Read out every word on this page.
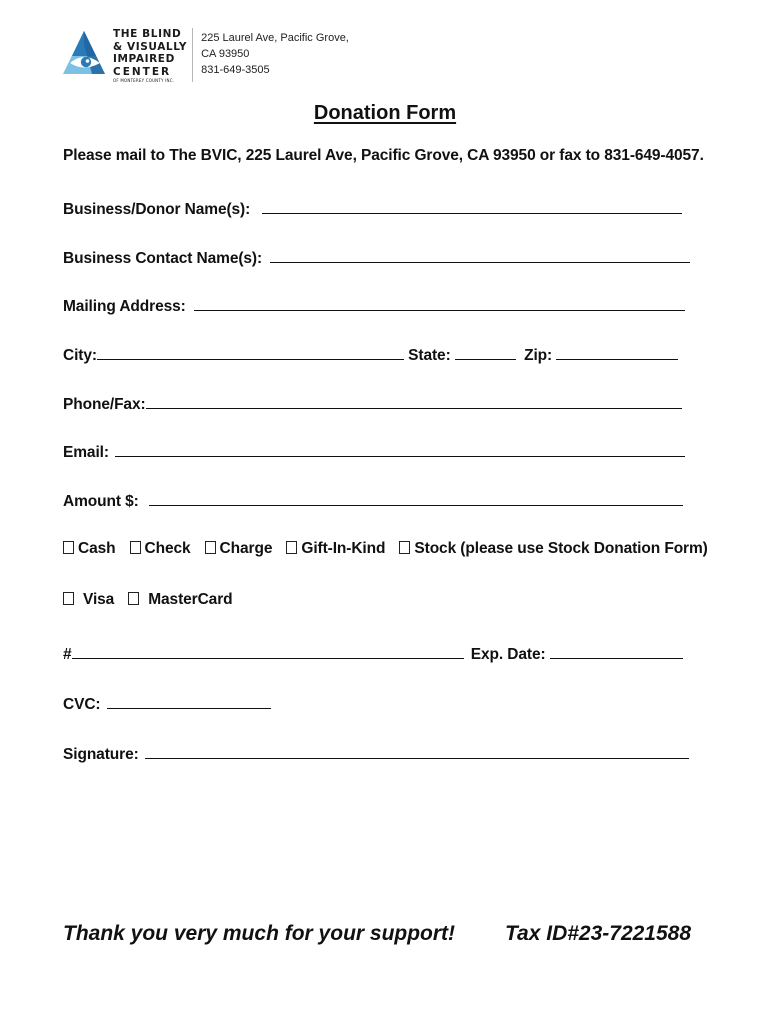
THE BLIND
& VISUALLY
IMPAIRED
CENTER
OF MONTEREY COUNTY INC.
225 Laurel Ave, Pacific Grove,
CA 93950
831-649-3505
Donation Form
Please mail to The BVIC, 225 Laurel Ave, Pacific Grove, CA 93950 or fax to 831-649-4057.
Business/Donor Name(s):
Business Contact Name(s):
Mailing Address:
City:	State:	Zip:
Phone/Fax:
Email:
Amount $:
Cash Check Charge Gift-In-Kind Stock (please use Stock Donation Form)
Visa MasterCard
#	Exp. Date:
CVC:
Signature:
Thank you very much for your support! Tax ID#23-7221588
